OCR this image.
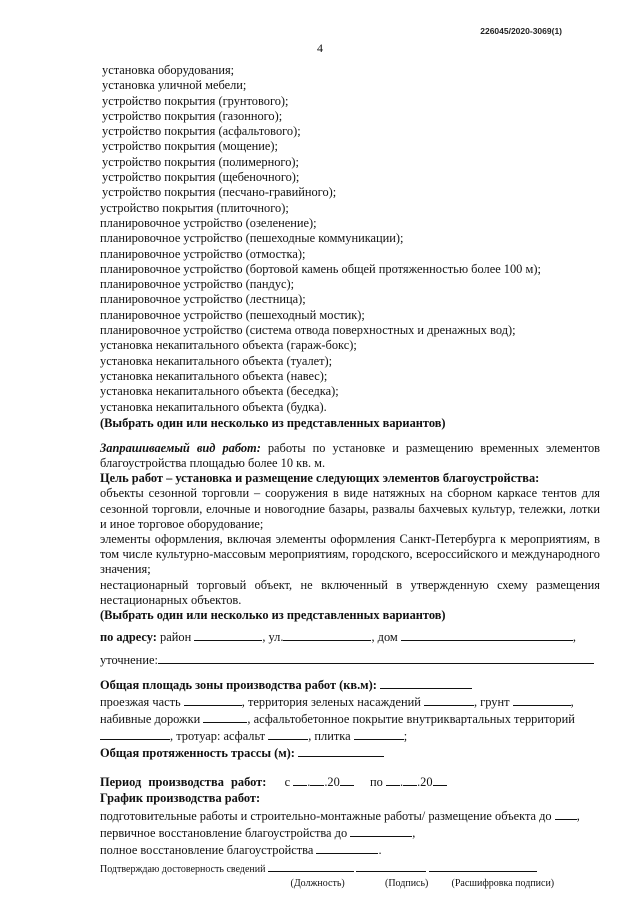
226045/2020-3069(1)
4
установка оборудования;
установка уличной мебели;
устройство покрытия (грунтового);
устройство покрытия (газонного);
устройство покрытия (асфальтового);
устройство покрытия (мощение);
устройство покрытия (полимерного);
устройство покрытия (щебеночного);
устройство покрытия (песчано-гравийного);
устройство покрытия (плиточного);
планировочное устройство (озеленение);
планировочное устройство (пешеходные коммуникации);
планировочное устройство (отмостка);
планировочное устройство (бортовой камень общей протяженностью более 100 м);
планировочное устройство (пандус);
планировочное устройство (лестница);
планировочное устройство (пешеходный мостик);
планировочное устройство (система отвода поверхностных и дренажных вод);
установка некапитального объекта (гараж-бокс);
установка некапитального объекта (туалет);
установка некапитального объекта (навес);
установка некапитального объекта (беседка);
установка некапитального объекта (будка).
(Выбрать один или несколько из представленных вариантов)
Запрашиваемый вид работ: работы по установке и размещению временных элементов благоустройства площадью более 10 кв. м.
Цель работ – установка и размещение следующих элементов благоустройства:
объекты сезонной торговли – сооружения в виде натяжных на сборном каркасе тентов для сезонной торговли, елочные и новогодние базары, развалы бахчевых культур, тележки, лотки и иное торговое оборудование;
элементы оформления, включая элементы оформления Санкт-Петербурга к мероприятиям, в том числе культурно-массовым мероприятиям, городского, всероссийского и международного значения;
нестационарный торговый объект, не включенный в утвержденную схему размещения нестационарных объектов.
(Выбрать один или несколько из представленных вариантов)
по адресу: район	, ул.	, дом	,
уточнение:
Общая площадь зоны производства работ (кв.м):
проезжая часть	, территория зеленых насаждений	, грунт	,
набивные дорожки	, асфальтобетонное покрытие внутриквартальных территорий
, тротуар: асфальт	, плитка	;
Общая протяженность трассы (м):
Период производства работ: с . .20 по . .20
График производства работ:
подготовительные работы и строительно-монтажные работы/ размещение объекта до ,
первичное восстановление благоустройства до	,
полное восстановление благоустройства	.
Подтверждаю достоверность сведений
(Должность)	(Подпись) (Расшифровка подписи)
